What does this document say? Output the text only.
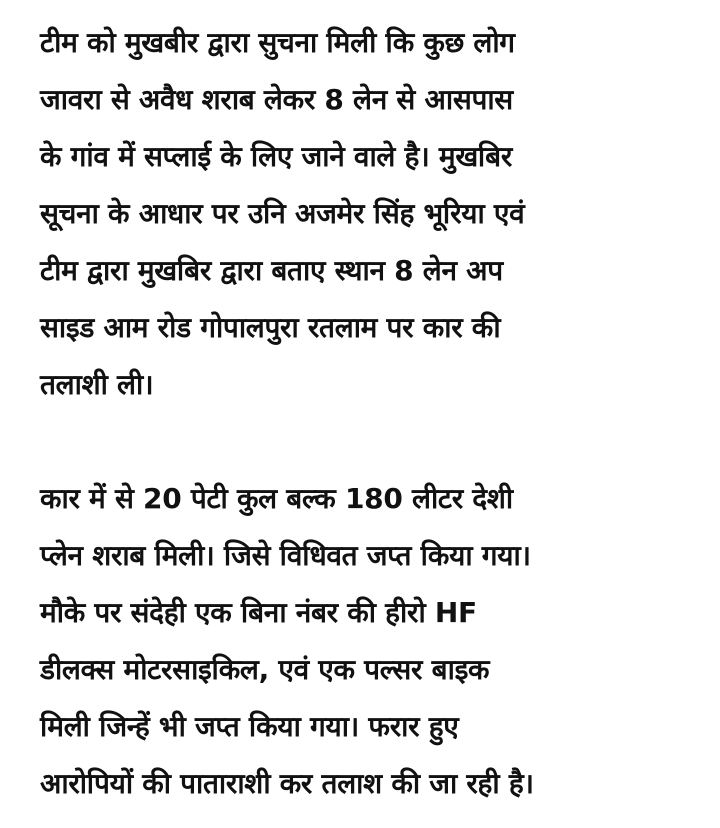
टीम को मुखबीर द्वारा सुचना मिली कि कुछ लोग
जावरा से अवैध शराब लेकर 8 लेन से आसपास
के गांव में सप्लाई के लिए जाने वाले है। मुखबिर
सूचना के आधार पर उनि अजमेर सिंह भूरिया एवं
टीम द्वारा मुखबिर द्वारा बताए स्थान 8 लेन अप
साइड आम रोड गोपालपुरा रतलाम पर कार की
तलाशी ली।

कार में से 20 पेटी कुल बल्क 180 लीटर देशी
प्लेन शराब मिली। जिसे विधिवत जप्त किया गया।
मौके पर संदेही एक बिना नंबर की हीरो HF
डीलक्स मोटरसाइकिल, एवं एक पल्सर बाइक
मिली जिन्हें भी जप्त किया गया। फरार हुए
आरोपियों की पाताराशी कर तलाश की जा रही है।
